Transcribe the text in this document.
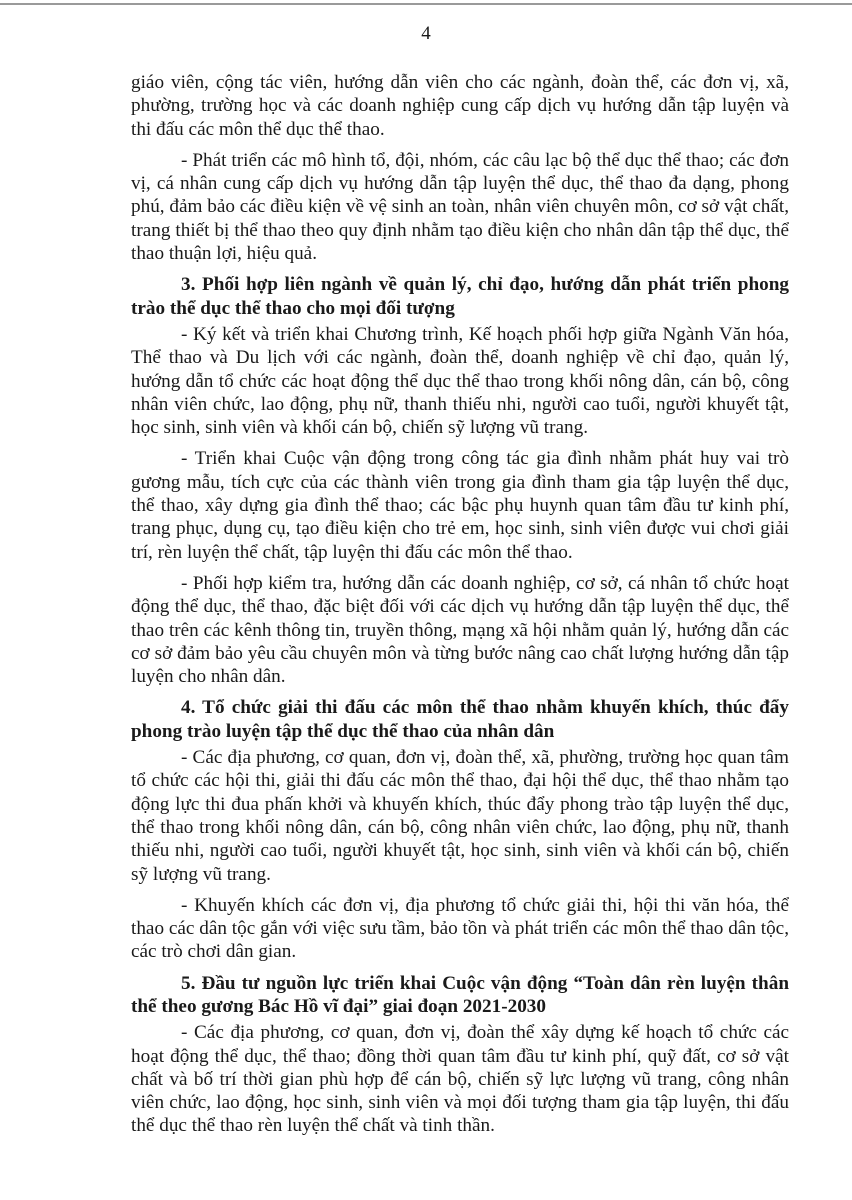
4

giáo viên, cộng tác viên, hướng dẫn viên cho các ngành, đoàn thể, các đơn vị, xã, phường, trường học và các doanh nghiệp cung cấp dịch vụ hướng dẫn tập luyện và thi đấu các môn thể dục thể thao.

- Phát triển các mô hình tổ, đội, nhóm, các câu lạc bộ thể dục thể thao; các đơn vị, cá nhân cung cấp dịch vụ hướng dẫn tập luyện thể dục, thể thao đa dạng, phong phú, đảm bảo các điều kiện về vệ sinh an toàn, nhân viên chuyên môn, cơ sở vật chất, trang thiết bị thể thao theo quy định nhằm tạo điều kiện cho nhân dân tập thể dục, thể thao thuận lợi, hiệu quả.

3. Phối hợp liên ngành về quản lý, chỉ đạo, hướng dẫn phát triển phong trào thể dục thể thao cho mọi đối tượng

- Ký kết và triển khai Chương trình, Kế hoạch phối hợp giữa Ngành Văn hóa, Thể thao và Du lịch với các ngành, đoàn thể, doanh nghiệp về chỉ đạo, quản lý, hướng dẫn tổ chức các hoạt động thể dục thể thao trong khối nông dân, cán bộ, công nhân viên chức, lao động, phụ nữ, thanh thiếu nhi, người cao tuổi, người khuyết tật, học sinh, sinh viên và khối cán bộ, chiến sỹ lượng vũ trang.

- Triển khai Cuộc vận động trong công tác gia đình nhằm phát huy vai trò gương mẫu, tích cực của các thành viên trong gia đình tham gia tập luyện thể dục, thể thao, xây dựng gia đình thể thao; các bậc phụ huynh quan tâm đầu tư kinh phí, trang phục, dụng cụ, tạo điều kiện cho trẻ em, học sinh, sinh viên được vui chơi giải trí, rèn luyện thể chất, tập luyện thi đấu các môn thể thao.

- Phối hợp kiểm tra, hướng dẫn các doanh nghiệp, cơ sở, cá nhân tổ chức hoạt động thể dục, thể thao, đặc biệt đối với các dịch vụ hướng dẫn tập luyện thể dục, thể thao trên các kênh thông tin, truyền thông, mạng xã hội nhằm quản lý, hướng dẫn các cơ sở đảm bảo yêu cầu chuyên môn và từng bước nâng cao chất lượng hướng dẫn tập luyện cho nhân dân.

4. Tổ chức giải thi đấu các môn thể thao nhằm khuyến khích, thúc đẩy phong trào luyện tập thể dục thể thao của nhân dân

- Các địa phương, cơ quan, đơn vị, đoàn thể, xã, phường, trường học quan tâm tổ chức các hội thi, giải thi đấu các môn thể thao, đại hội thể dục, thể thao nhằm tạo động lực thi đua phấn khởi và khuyến khích, thúc đẩy phong trào tập luyện thể dục, thể thao trong khối nông dân, cán bộ, công nhân viên chức, lao động, phụ nữ, thanh thiếu nhi, người cao tuổi, người khuyết tật, học sinh, sinh viên và khối cán bộ, chiến sỹ lượng vũ trang.

- Khuyến khích các đơn vị, địa phương tổ chức giải thi, hội thi văn hóa, thể thao các dân tộc gắn với việc sưu tầm, bảo tồn và phát triển các môn thể thao dân tộc, các trò chơi dân gian.

5. Đầu tư nguồn lực triển khai Cuộc vận động “Toàn dân rèn luyện thân thể theo gương Bác Hồ vĩ đại” giai đoạn 2021-2030

- Các địa phương, cơ quan, đơn vị, đoàn thể xây dựng kế hoạch tổ chức các hoạt động thể dục, thể thao; đồng thời quan tâm đầu tư kinh phí, quỹ đất, cơ sở vật chất và bố trí thời gian phù hợp để cán bộ, chiến sỹ lực lượng vũ trang, công nhân viên chức, lao động, học sinh, sinh viên và mọi đối tượng tham gia tập luyện, thi đấu thể dục thể thao rèn luyện thể chất và tinh thần.
